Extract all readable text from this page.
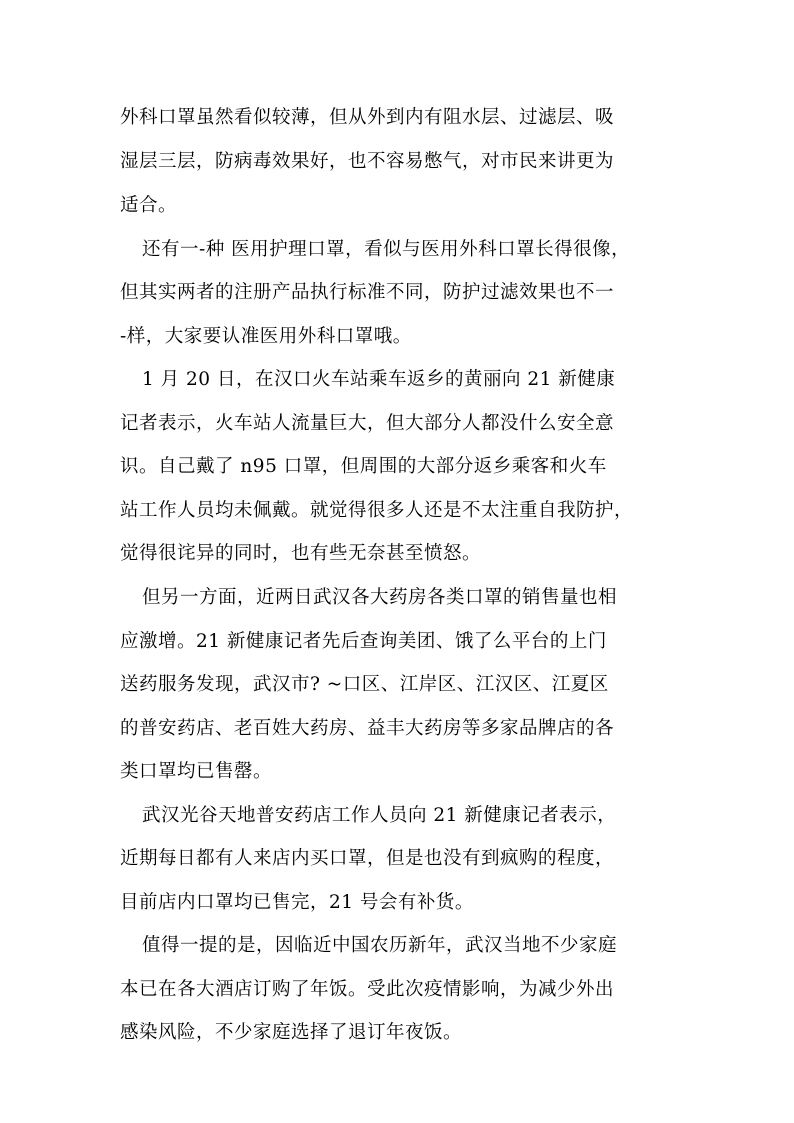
外科口罩虽然看似较薄，但从外到内有阻水层、过滤层、吸

湿层三层，防病毒效果好，也不容易憋气，对市民来讲更为

适合。

还有一-种 医用护理口罩，看似与医用外科口罩长得很像，

但其实两者的注册产品执行标准不同，防护过滤效果也不一

-样，大家要认准医用外科口罩哦。

1 月 20 日，在汉口火车站乘车返乡的黄丽向 21 新健康

记者表示，火车站人流量巨大，但大部分人都没什么安全意

识。自己戴了 n95 口罩，但周围的大部分返乡乘客和火车

站工作人员均未佩戴。就觉得很多人还是不太注重自我防护，

觉得很诧异的同时，也有些无奈甚至愤怒。

但另一方面，近两日武汉各大药房各类口罩的销售量也相

应激增。21 新健康记者先后查询美团、饿了么平台的上门

送药服务发现，武汉市? ~口区、江岸区、江汉区、江夏区

的普安药店、老百姓大药房、益丰大药房等多家品牌店的各

类口罩均已售罄。

武汉光谷天地普安药店工作人员向 21 新健康记者表示，

近期每日都有人来店内买口罩，但是也没有到疯购的程度，

目前店内口罩均已售完，21 号会有补货。

值得一提的是，因临近中国农历新年，武汉当地不少家庭

本已在各大酒店订购了年饭。受此次疫情影响，为减少外出

感染风险，不少家庭选择了退订年夜饭。
